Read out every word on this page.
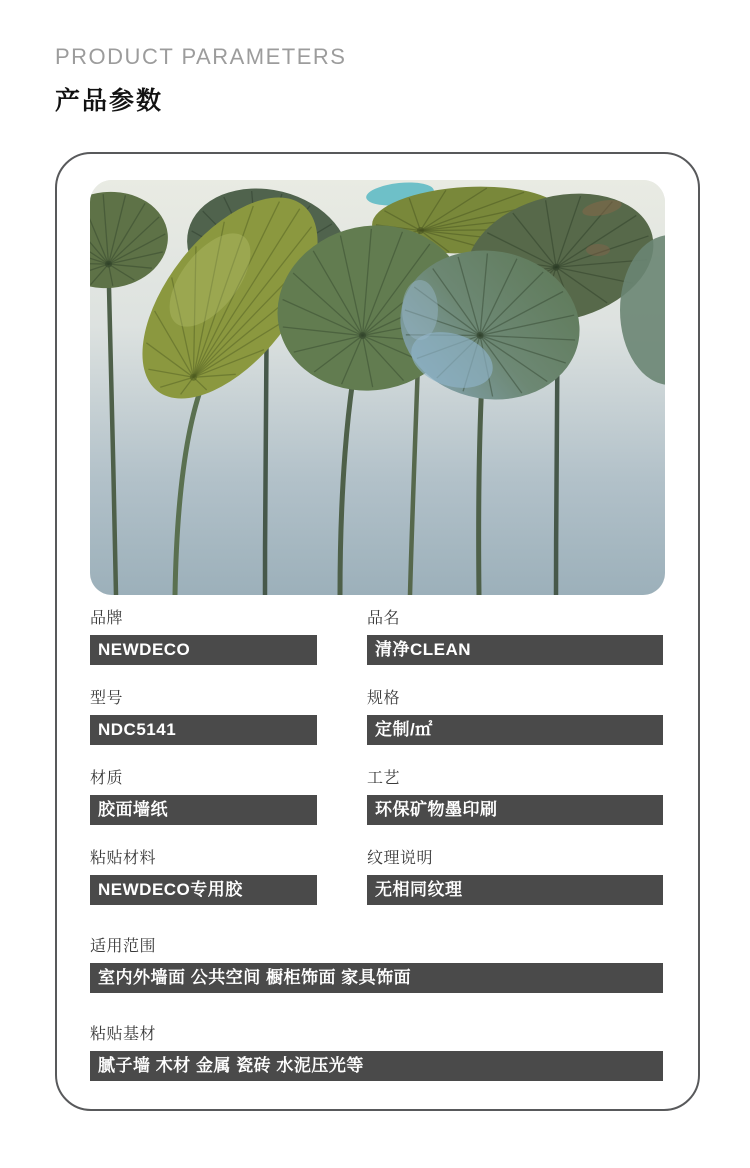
PRODUCT PARAMETERS
产品参数
品牌
NEWDECO
品名
清净CLEAN
型号
NDC5141
规格
定制/㎡
材质
胶面墙纸
工艺
环保矿物墨印刷
粘贴材料
NEWDECO专用胶
纹理说明
无相同纹理
适用范围
室内外墙面 公共空间 橱柜饰面 家具饰面
粘贴基材
腻子墙 木材 金属 瓷砖 水泥压光等
